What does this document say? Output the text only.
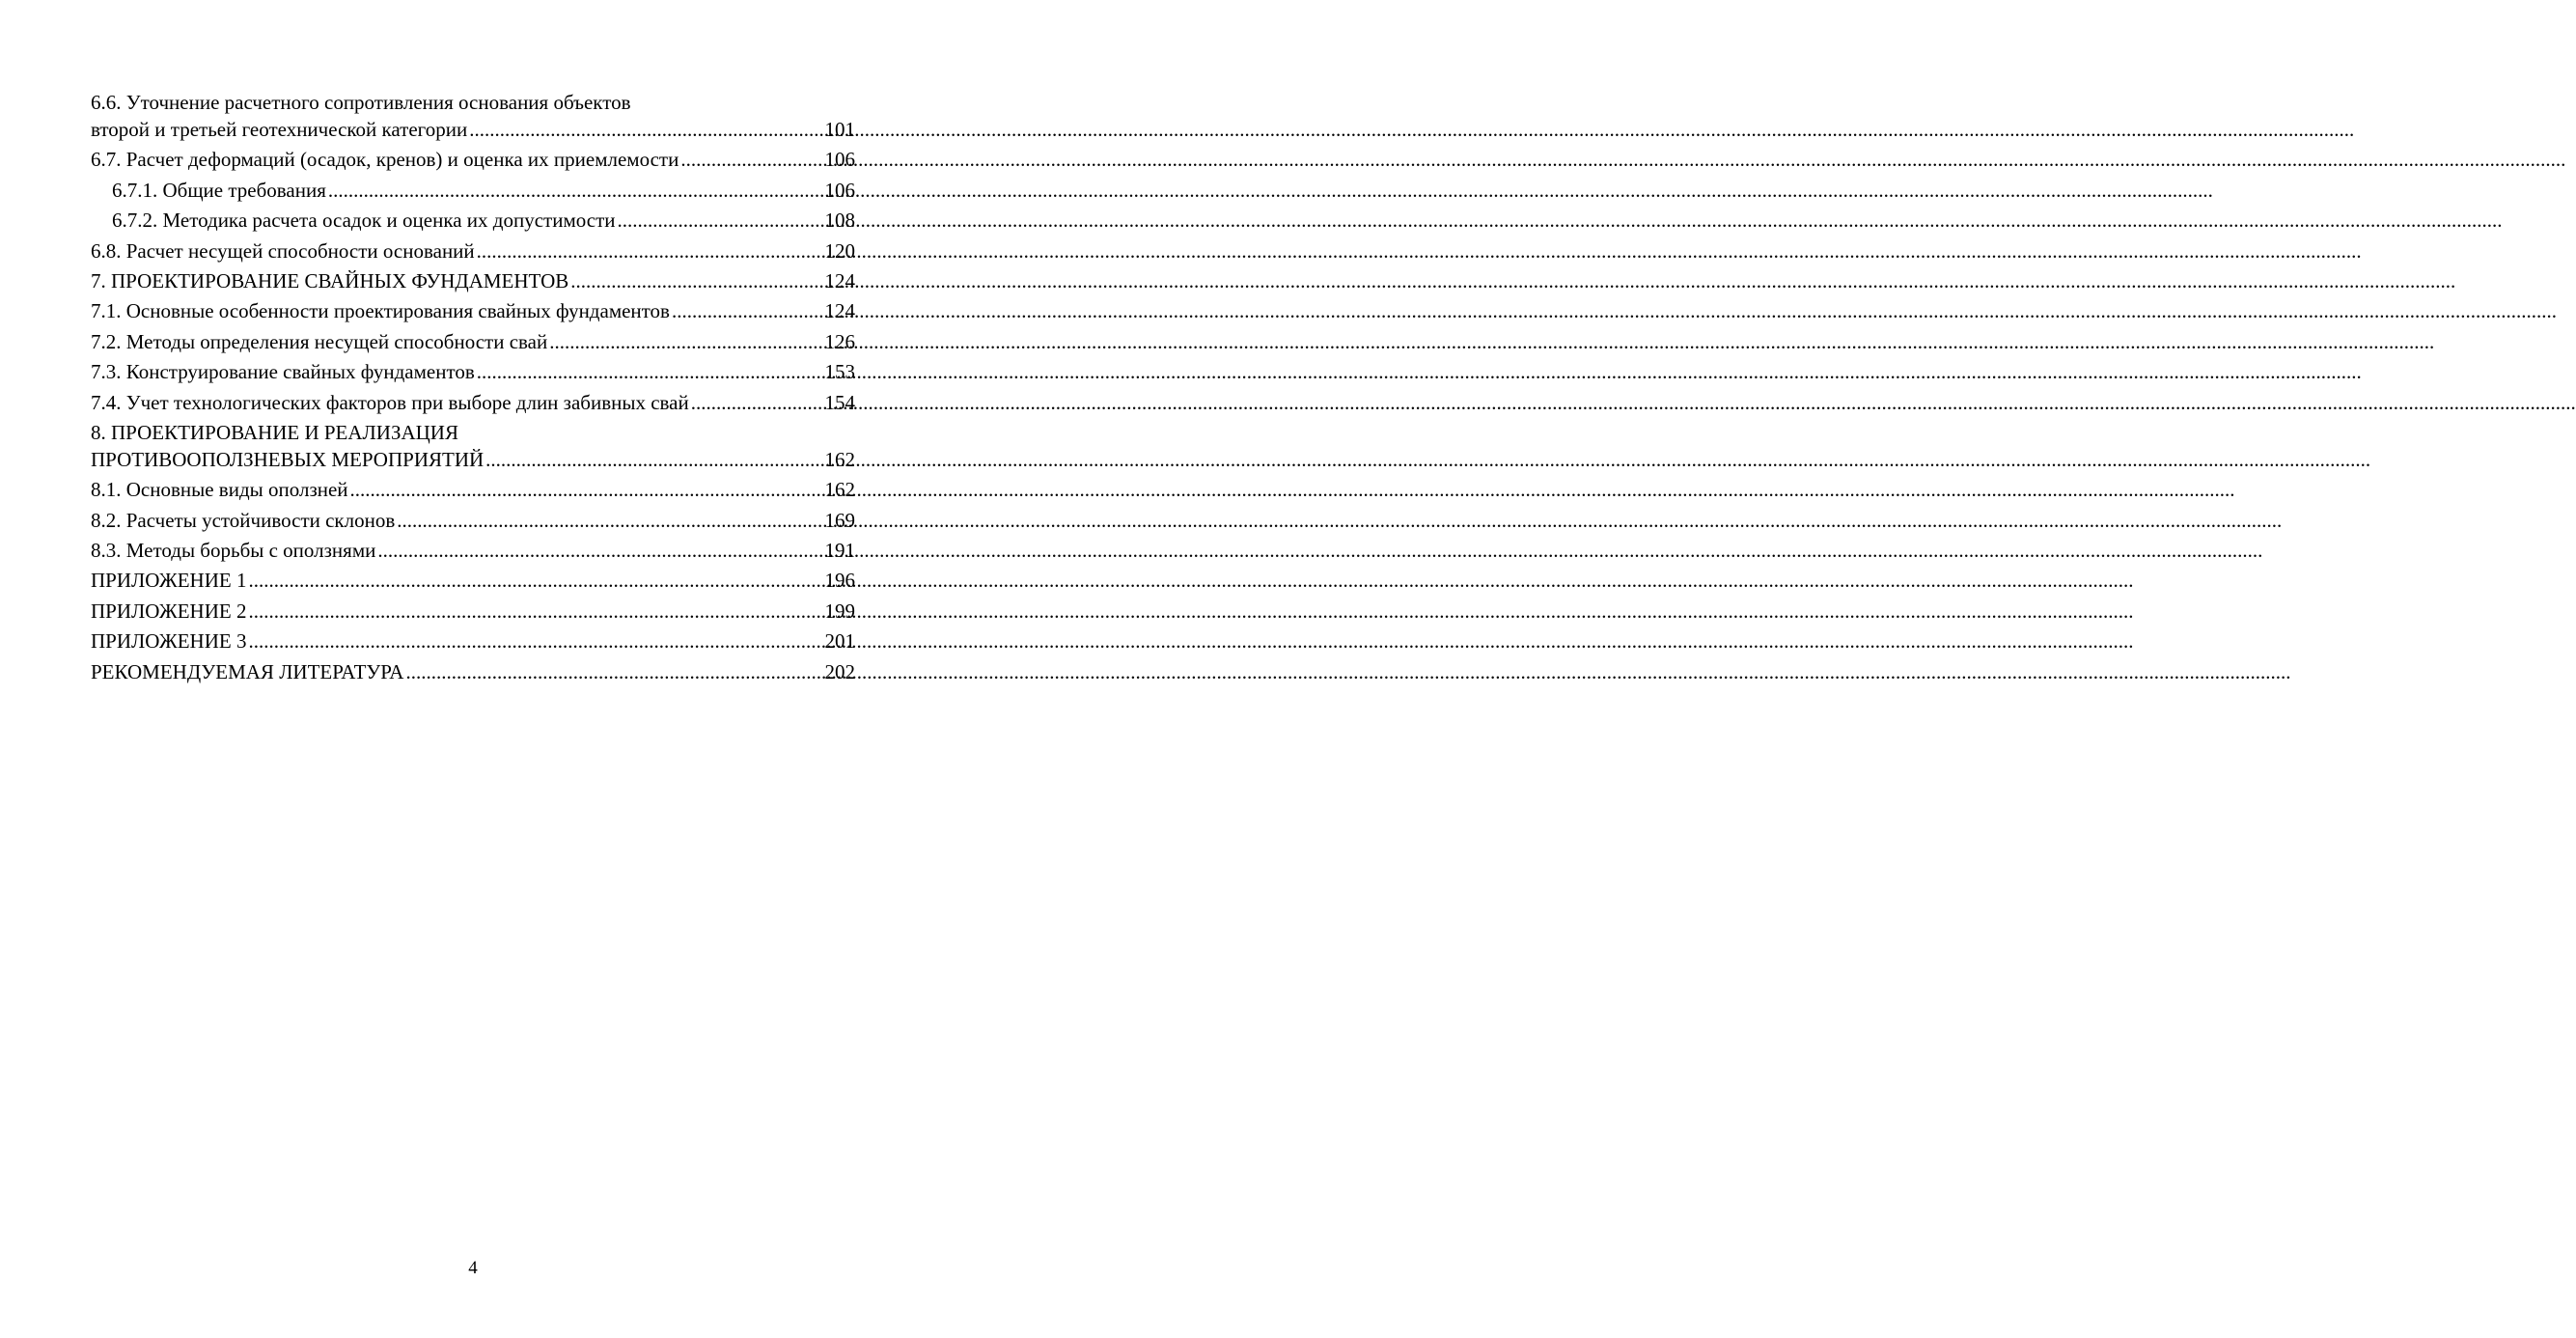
6.6. Уточнение расчетного сопротивления основания объектов
второй и третьей геотехнической категории .....	101
6.7. Расчет деформаций (осадок, кренов) и оценка их приемлемости .....	106
6.7.1. Общие требования .....	106
6.7.2. Методика расчета осадок и оценка их допустимости .....	108
6.8. Расчет несущей способности оснований .....	120
7. ПРОЕКТИРОВАНИЕ СВАЙНЫХ ФУНДАМЕНТОВ .....	124
7.1. Основные особенности проектирования свайных фундаментов .....	124
7.2. Методы определения несущей способности свай .....	126
7.3. Конструирование свайных фундаментов .....	153
7.4. Учет технологических факторов при выборе длин забивных свай .....	154
8. ПРОЕКТИРОВАНИЕ И РЕАЛИЗАЦИЯ
ПРОТИВООПОЛЗНЕВЫХ МЕРОПРИЯТИЙ .....	162
8.1. Основные виды оползней .....	162
8.2. Расчеты устойчивости склонов .....	169
8.3. Методы борьбы с оползнями .....	191
ПРИЛОЖЕНИЕ 1 .....	196
ПРИЛОЖЕНИЕ 2 .....	199
ПРИЛОЖЕНИЕ 3 .....	201
РЕКОМЕНДУЕМАЯ ЛИТЕРАТУРА .....	202
4
